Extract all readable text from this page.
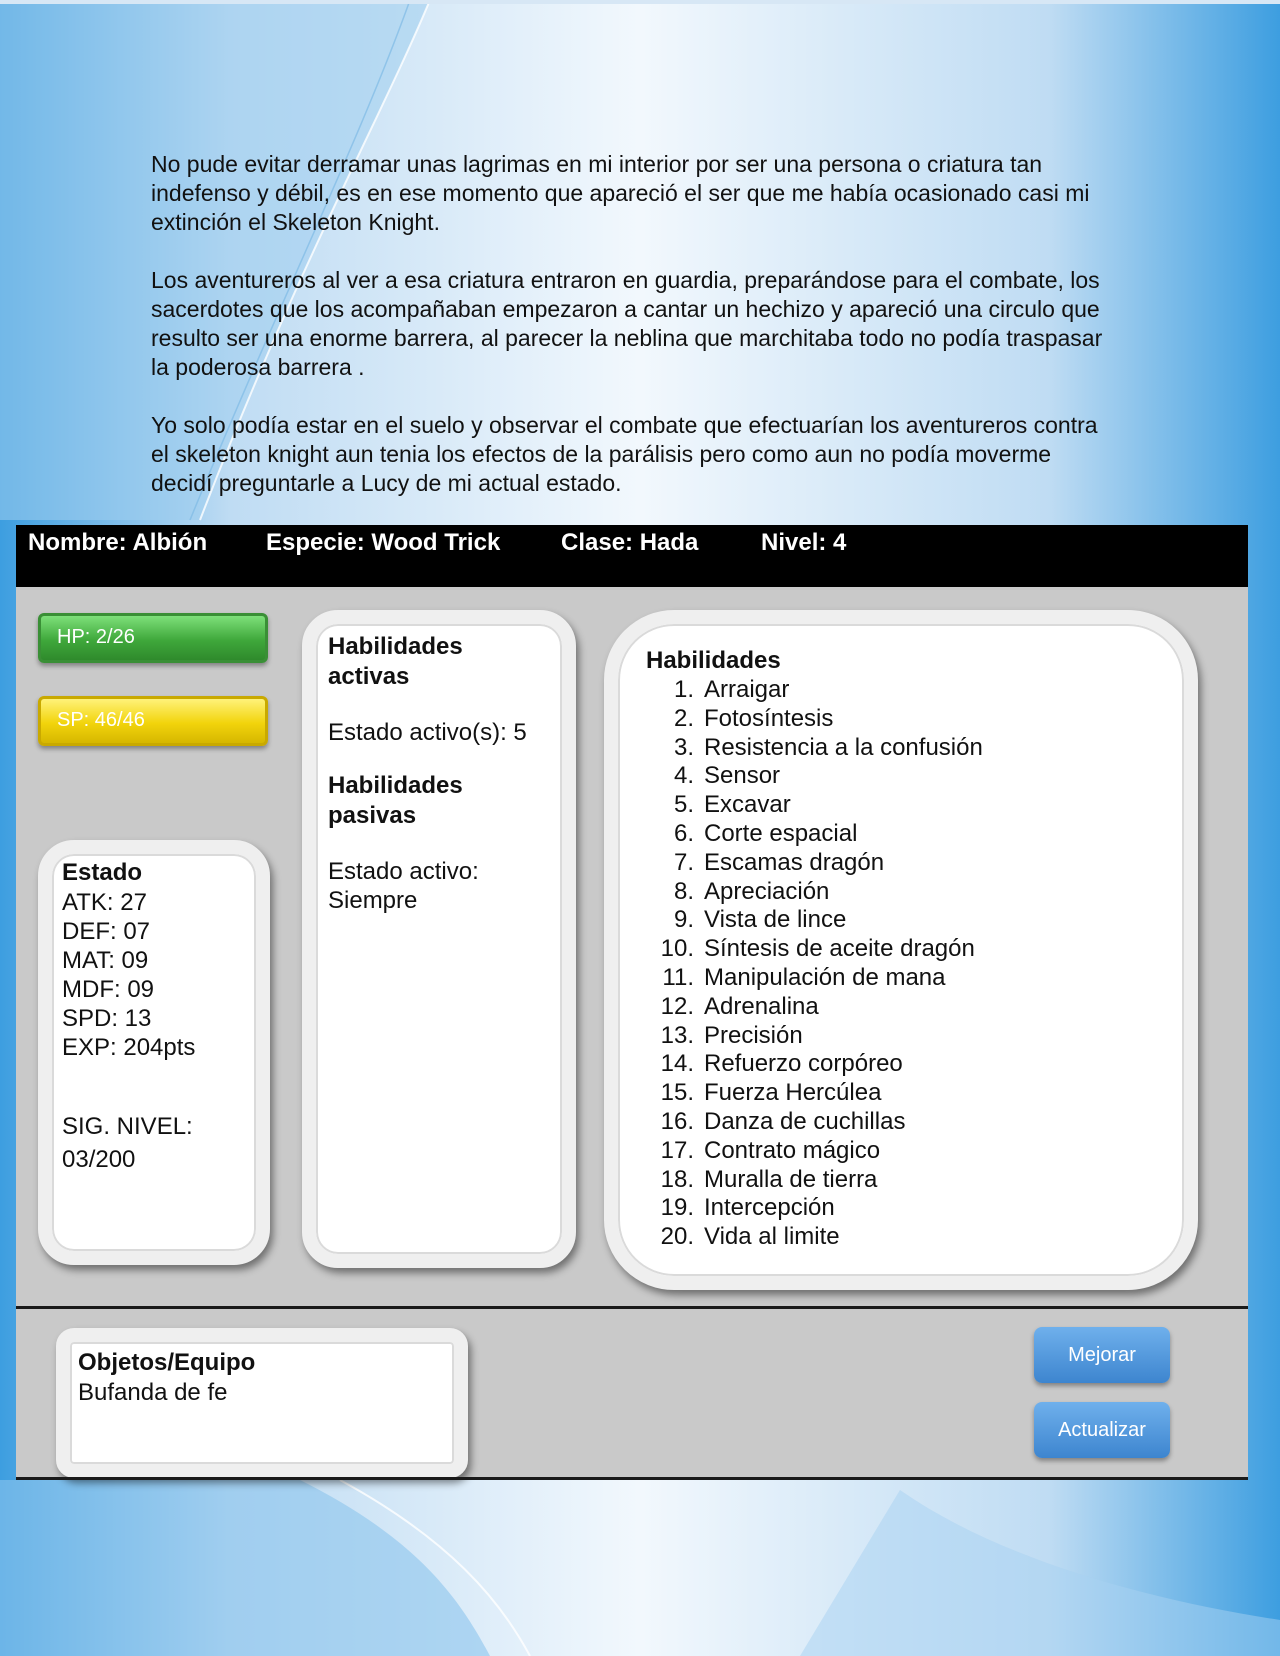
No pude evitar derramar unas lagrimas en mi interior por ser una persona o criatura tan indefenso y débil, es en ese momento que apareció el ser que me había ocasionado casi mi extinción el Skeleton Knight.

Los aventureros al ver a esa criatura entraron en guardia, preparándose para el combate, los sacerdotes que los acompañaban empezaron a cantar un hechizo y apareció una circulo que resulto ser una enorme barrera, al parecer la neblina que marchitaba todo no podía traspasar la poderosa barrera .

Yo solo podía estar en el suelo y observar el combate que efectuarían los aventureros contra el skeleton knight aun tenia los efectos de la parálisis pero como aun no podía moverme decidí preguntarle a Lucy de mi actual estado.

Nombre: Albión Especie: Wood Trick	Clase: Hada	Nivel: 4
HP: 2/26
SP: 46/46
Estado
ATK: 27
DEF: 07
MAT: 09
MDF: 09
SPD: 13
EXP: 204pts
SIG. NIVEL:
03/200
Habilidades activas
Estado activo(s): 5
Habilidades pasivas
Estado activo: Siempre
Habilidades
1. Arraigar
2. Fotosíntesis
3. Resistencia a la confusión
4. Sensor
5. Excavar
6. Corte espacial
7. Escamas dragón
8. Apreciación
9. Vista de lince
10. Síntesis de aceite dragón
11. Manipulación de mana
12. Adrenalina
13. Precisión
14. Refuerzo corpóreo
15. Fuerza Hercúlea
16. Danza de cuchillas
17. Contrato mágico
18. Muralla de tierra
19. Intercepción
20. Vida al limite
Objetos/Equipo
Bufanda de fe
Mejorar
Actualizar
